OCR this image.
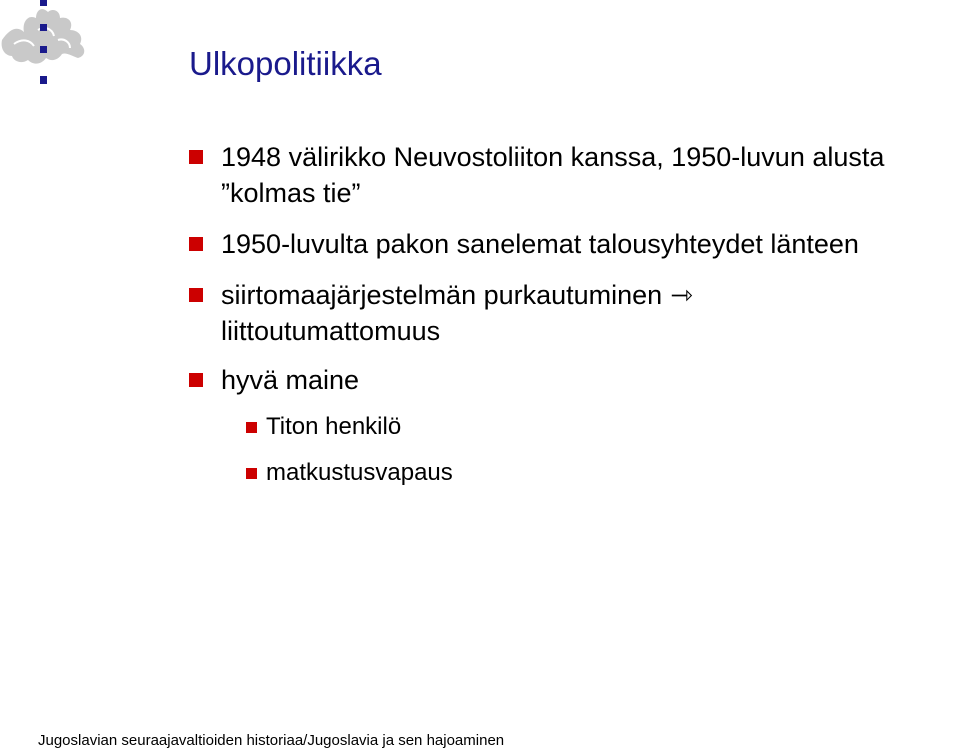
Ulkopolitiikka
1948 välirikko Neuvostoliiton kanssa, 1950-luvun alusta
”kolmas tie”
1950-luvulta pakon sanelemat talousyhteydet länteen
siirtomaajärjestelmän purkautuminen ⇾
liittoutumattomuus
hyvä maine
Titon henkilö
matkustusvapaus
Jugoslavian seuraajavaltioiden historiaa/Jugoslavia ja sen hajoaminen
